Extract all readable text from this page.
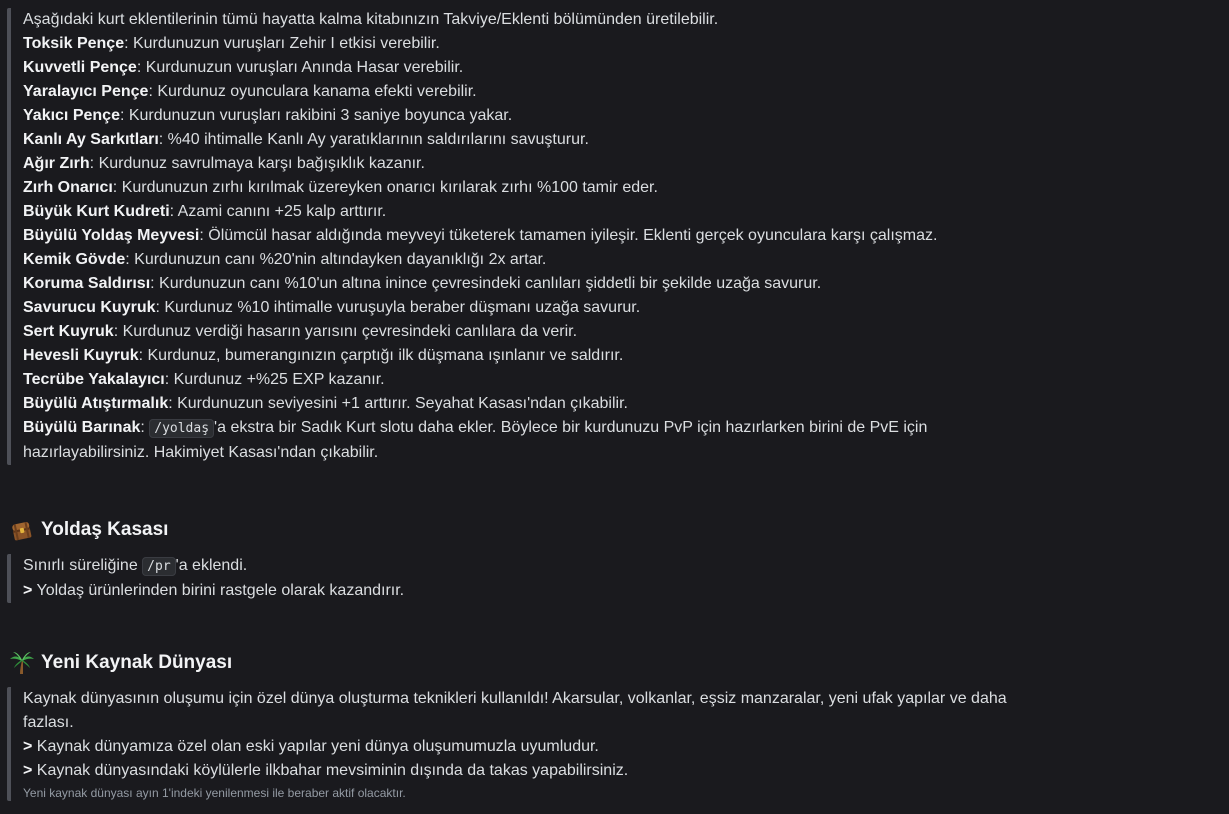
Aşağıdaki kurt eklentilerinin tümü hayatta kalma kitabınızın Takviye/Eklenti bölümünden üretilebilir.
Toksik Pençe: Kurdunuzun vuruşları Zehir I etkisi verebilir.
Kuvvetli Pençe: Kurdunuzun vuruşları Anında Hasar verebilir.
Yaralayıcı Pençe: Kurdunuz oyunculara kanama efekti verebilir.
Yakıcı Pençe: Kurdunuzun vuruşları rakibini 3 saniye boyunca yakar.
Kanlı Ay Sarkıtları: %40 ihtimalle Kanlı Ay yaratıklarının saldırılarını savuşturur.
Ağır Zırh: Kurdunuz savrulmaya karşı bağışıklık kazanır.
Zırh Onarıcı: Kurdunuzun zırhı kırılmak üzereyken onarıcı kırılarak zırhı %100 tamir eder.
Büyük Kurt Kudreti: Azami canını +25 kalp arttırır.
Büyülü Yoldaş Meyvesi: Ölümcül hasar aldığında meyveyi tüketerek tamamen iyileşir. Eklenti gerçek oyunculara karşı çalışmaz.
Kemik Gövde: Kurdunuzun canı %20'nin altındayken dayanıklığı 2x artar.
Koruma Saldırısı: Kurdunuzun canı %10'un altına inince çevresindeki canlıları şiddetli bir şekilde uzağa savurur.
Savurucu Kuyruk: Kurdunuz %10 ihtimalle vuruşuyla beraber düşmanı uzağa savurur.
Sert Kuyruk: Kurdunuz verdiği hasarın yarısını çevresindeki canlılara da verir.
Hevesli Kuyruk: Kurdunuz, bumerangınızın çarptığı ilk düşmana ışınlanır ve saldırır.
Tecrübe Yakalayıcı: Kurdunuz +%25 EXP kazanır.
Büyülü Atıştırmalık: Kurdunuzun seviyesini +1 arttırır. Seyahat Kasası'ndan çıkabilir.
Büyülü Barınak: /yoldaş 'a ekstra bir Sadık Kurt slotu daha ekler. Böylece bir kurdunuzu PvP için hazırlarken birini de PvE için
hazırlayabilirsiniz. Hakimiyet Kasası'ndan çıkabilir.
Yoldaş Kasası
Sınırlı süreliğine /pr 'a eklendi.
> Yoldaş ürünlerinden birini rastgele olarak kazandırır.
Yeni Kaynak Dünyası
Kaynak dünyasının oluşumu için özel dünya oluşturma teknikleri kullanıldı! Akarsular, volkanlar, eşsiz manzaralar, yeni ufak yapılar ve daha fazlası.
> Kaynak dünyamıza özel olan eski yapılar yeni dünya oluşumumuzla uyumludur.
> Kaynak dünyasındaki köylülerle ilkbahar mevsiminin dışında da takas yapabilirsiniz.
Yeni kaynak dünyası ayın 1'indeki yenilenmesi ile beraber aktif olacaktır.
